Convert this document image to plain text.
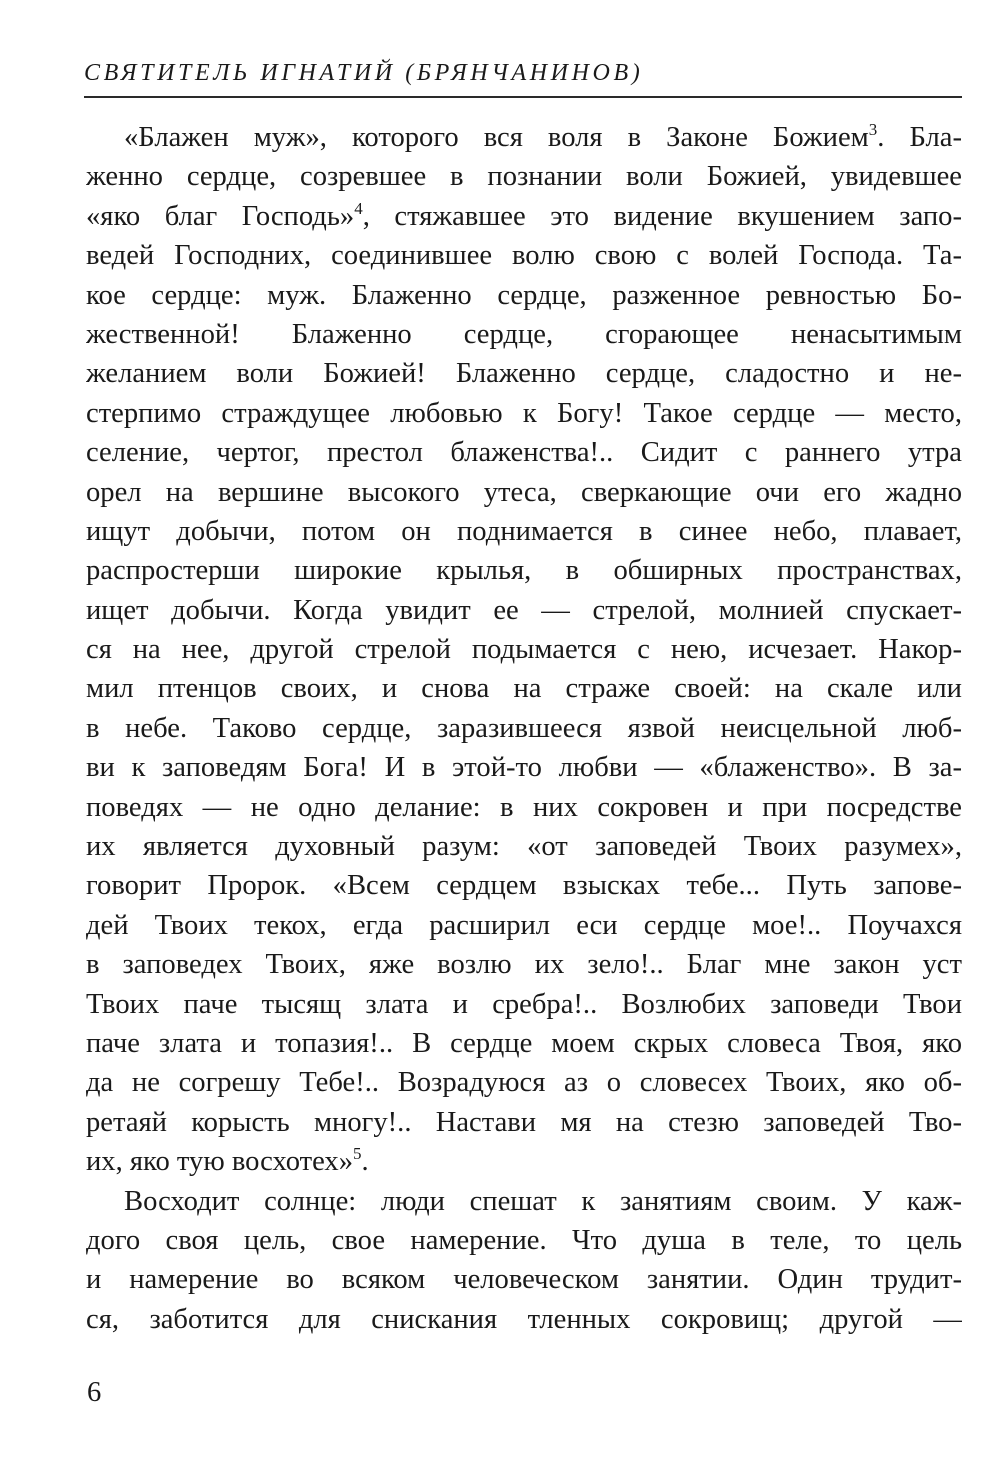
СВЯТИТЕЛЬ ИГНАТИЙ (БРЯНЧАНИНОВ)
«Блажен муж», которого вся воля в Законе Божием$^3$. Бла-
женно сердце, созревшее в познании воли Божией, увидевшее
«яко благ Господь»$^4$, стяжавшее это видение вкушением запо-
ведей Господних, соединившее волю свою с волей Господа. Та-
кое сердце: муж. Блаженно сердце, разженное ревностью Бо-
жественной! Блаженно сердце, сгорающее ненасытимым
желанием воли Божией! Блаженно сердце, сладостно и не-
стерпимо страждущее любовью к Богу! Такое сердце — место,
селение, чертог, престол блаженства!.. Сидит с раннего утра
орел на вершине высокого утеса, сверкающие очи его жадно
ищут добычи, потом он поднимается в синее небо, плавает,
распростерши широкие крылья, в обширных пространствах,
ищет добычи. Когда увидит ее — стрелой, молнией спускает-
ся на нее, другой стрелой подымается с нею, исчезает. Накор-
мил птенцов своих, и снова на страже своей: на скале или
в небе. Таково сердце, заразившееся язвой неисцельной люб-
ви к заповедям Бога! И в этой-то любви — «блаженство». В за-
поведях — не одно делание: в них сокровен и при посредстве
их является духовный разум: «от заповедей Твоих разумех»,
говорит Пророк. «Всем сердцем взысках тебе... Путь запове-
дей Твоих текох, егда расширил еси сердце мое!.. Поучахся
в заповедех Твоих, яже возлю их зело!.. Благ мне закон уст
Твоих паче тысящ злата и сребра!.. Возлюбих заповеди Твои
паче злата и топазия!.. В сердце моем скрых словеса Твоя, яко
да не согрешу Тебе!.. Возрадуюся аз о словесех Твоих, яко об-
ретаяй корысть многу!.. Настави мя на стезю заповедей Тво-
их, яко тую восхотех»$^5$.
Восходит солнце: люди спешат к занятиям своим. У каж-
дого своя цель, свое намерение. Что душа в теле, то цель
и намерение во всяком человеческом занятии. Один трудит-
ся, заботится для снискания тленных сокровищ; другой —
6
